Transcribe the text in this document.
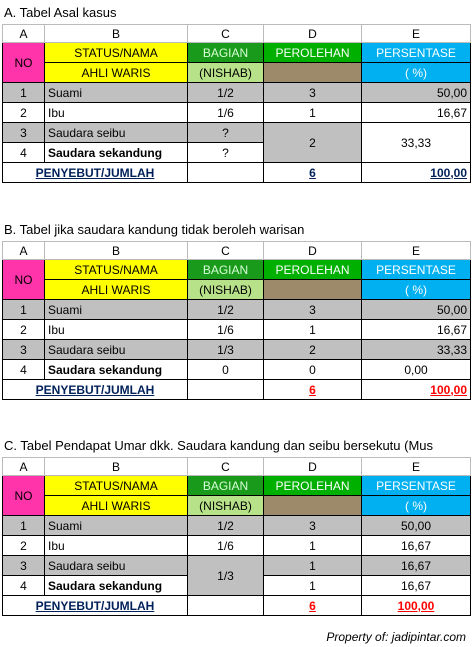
A. Tabel Asal kasus
A	B	C	D	E
NO	STATUS/NAMA	BAGIAN	PEROLEHAN	PERSENTASE
	AHLI WARIS	(NISHAB)		( %)
1	Suami	1/2	3	50,00
2	Ibu	1/6	1	16,67
3	Saudara seibu	?	2	33,33
4	Saudara sekandung	?		
PENYEBUT/JUMLAH			6	100,00
B. Tabel jika saudara kandung tidak beroleh warisan
A	B	C	D	E
NO	STATUS/NAMA	BAGIAN	PEROLEHAN	PERSENTASE
	AHLI WARIS	(NISHAB)		( %)
1	Suami	1/2	3	50,00
2	Ibu	1/6	1	16,67
3	Saudara seibu	1/3	2	33,33
4	Saudara sekandung	0	0	0,00
PENYEBUT/JUMLAH			6	100,00
C. Tabel Pendapat Umar dkk. Saudara kandung dan seibu bersekutu (Mus
A	B	C	D	E
NO	STATUS/NAMA	BAGIAN	PEROLEHAN	PERSENTASE
	AHLI WARIS	(NISHAB)		( %)
1	Suami	1/2	3	50,00
2	Ibu	1/6	1	16,67
3	Saudara seibu	1/3	1	16,67
4	Saudara sekandung		1	16,67
PENYEBUT/JUMLAH			6	100,00
Property of: jadipintar.com
